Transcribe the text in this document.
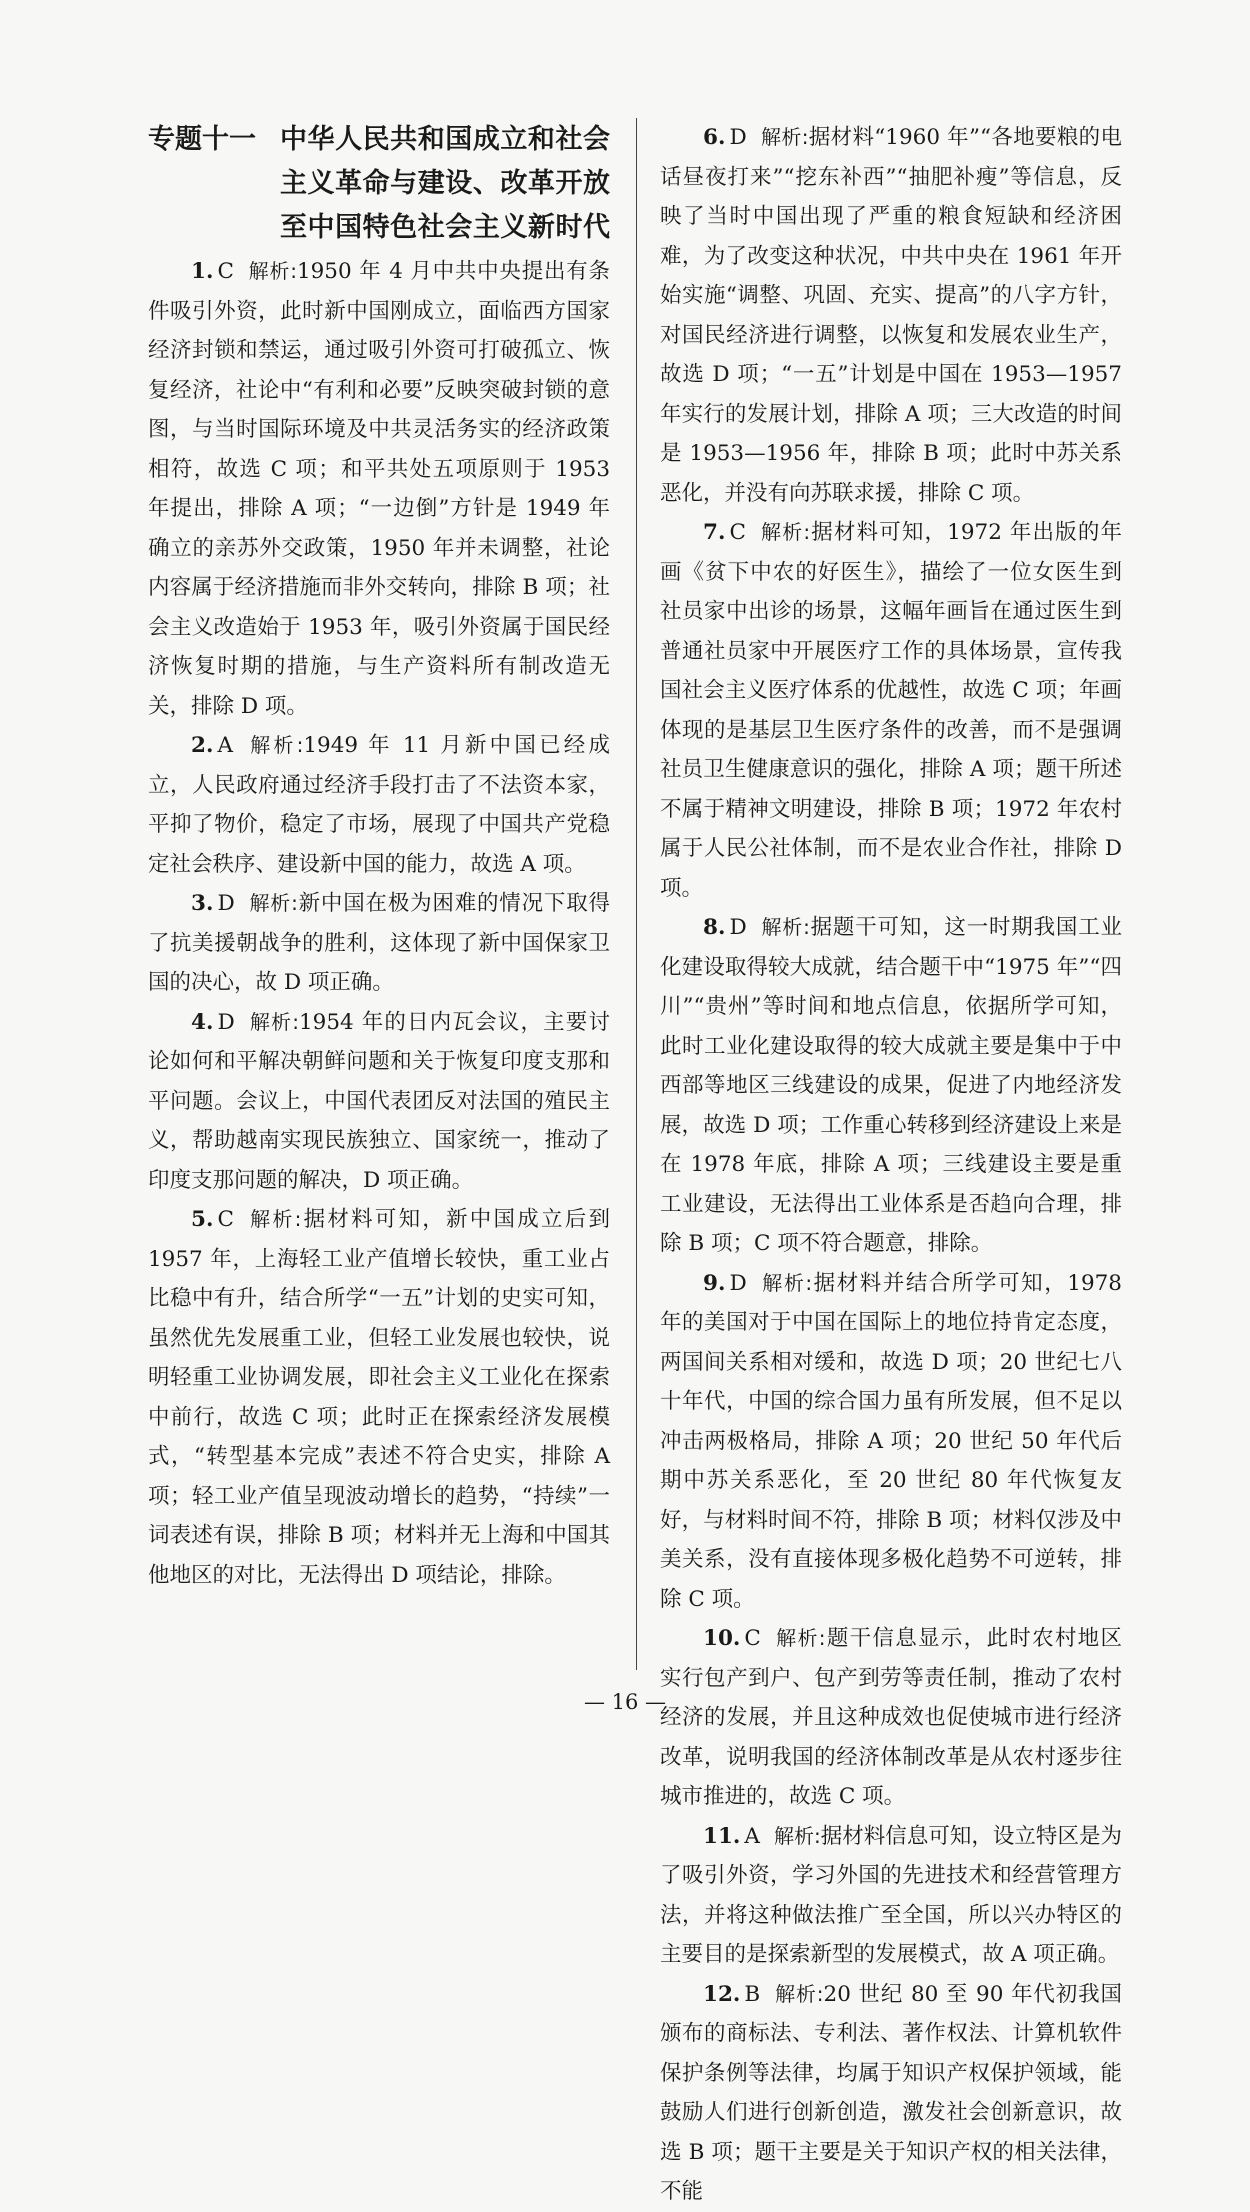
专题十一 中华人民共和国成立和社会
主义革命与建设、改革开放
至中国特色社会主义新时代

1. C 解析:1950 年 4 月中共中央提出有条件吸引外资，此时新中国刚成立，面临西方国家经济封锁和禁运，通过吸引外资可打破孤立、恢复经济，社论中“有利和必要”反映突破封锁的意图，与当时国际环境及中共灵活务实的经济政策相符，故选 C 项；和平共处五项原则于 1953 年提出，排除 A 项；“一边倒”方针是 1949 年确立的亲苏外交政策，1950 年并未调整，社论内容属于经济措施而非外交转向，排除 B 项；社会主义改造始于 1953 年，吸引外资属于国民经济恢复时期的措施，与生产资料所有制改造无关，排除 D 项。

2. A 解析:1949 年 11 月新中国已经成立，人民政府通过经济手段打击了不法资本家，平抑了物价，稳定了市场，展现了中国共产党稳定社会秩序、建设新中国的能力，故选 A 项。

3. D 解析:新中国在极为困难的情况下取得了抗美援朝战争的胜利，这体现了新中国保家卫国的决心，故 D 项正确。

4. D 解析:1954 年的日内瓦会议，主要讨论如何和平解决朝鲜问题和关于恢复印度支那和平问题。会议上，中国代表团反对法国的殖民主义，帮助越南实现民族独立、国家统一，推动了印度支那问题的解决，D 项正确。

5. C 解析:据材料可知，新中国成立后到 1957 年，上海轻工业产值增长较快，重工业占比稳中有升，结合所学“一五”计划的史实可知，虽然优先发展重工业，但轻工业发展也较快，说明轻重工业协调发展，即社会主义工业化在探索中前行，故选 C 项；此时正在探索经济发展模式，“转型基本完成”表述不符合史实，排除 A 项；轻工业产值呈现波动增长的趋势，“持续”一词表述有误，排除 B 项；材料并无上海和中国其他地区的对比，无法得出 D 项结论，排除。

6. D 解析:据材料“1960 年”“各地要粮的电话昼夜打来”“挖东补西”“抽肥补瘦”等信息，反映了当时中国出现了严重的粮食短缺和经济困难，为了改变这种状况，中共中央在 1961 年开始实施“调整、巩固、充实、提高”的八字方针，对国民经济进行调整，以恢复和发展农业生产，故选 D 项；“一五”计划是中国在 1953—1957 年实行的发展计划，排除 A 项；三大改造的时间是 1953—1956 年，排除 B 项；此时中苏关系恶化，并没有向苏联求援，排除 C 项。

7. C 解析:据材料可知，1972 年出版的年画《贫下中农的好医生》，描绘了一位女医生到社员家中出诊的场景，这幅年画旨在通过医生到普通社员家中开展医疗工作的具体场景，宣传我国社会主义医疗体系的优越性，故选 C 项；年画体现的是基层卫生医疗条件的改善，而不是强调社员卫生健康意识的强化，排除 A 项；题干所述不属于精神文明建设，排除 B 项；1972 年农村属于人民公社体制，而不是农业合作社，排除 D 项。

8. D 解析:据题干可知，这一时期我国工业化建设取得较大成就，结合题干中“1975 年”“四川”“贵州”等时间和地点信息，依据所学可知，此时工业化建设取得的较大成就主要是集中于中西部等地区三线建设的成果，促进了内地经济发展，故选 D 项；工作重心转移到经济建设上来是在 1978 年底，排除 A 项；三线建设主要是重工业建设，无法得出工业体系是否趋向合理，排除 B 项；C 项不符合题意，排除。

9. D 解析:据材料并结合所学可知，1978 年的美国对于中国在国际上的地位持肯定态度，两国间关系相对缓和，故选 D 项；20 世纪七八十年代，中国的综合国力虽有所发展，但不足以冲击两极格局，排除 A 项；20 世纪 50 年代后期中苏关系恶化，至 20 世纪 80 年代恢复友好，与材料时间不符，排除 B 项；材料仅涉及中美关系，没有直接体现多极化趋势不可逆转，排除 C 项。

10. C 解析:题干信息显示，此时农村地区实行包产到户、包产到劳等责任制，推动了农村经济的发展，并且这种成效也促使城市进行经济改革，说明我国的经济体制改革是从农村逐步往城市推进的，故选 C 项。

11. A 解析:据材料信息可知，设立特区是为了吸引外资，学习外国的先进技术和经营管理方法，并将这种做法推广至全国，所以兴办特区的主要目的是探索新型的发展模式，故 A 项正确。

12. B 解析:20 世纪 80 至 90 年代初我国颁布的商标法、专利法、著作权法、计算机软件保护条例等法律，均属于知识产权保护领域，能鼓励人们进行创新创造，激发社会创新意识，故选 B 项；题干主要是关于知识产权的相关法律，不能

— 16 —
